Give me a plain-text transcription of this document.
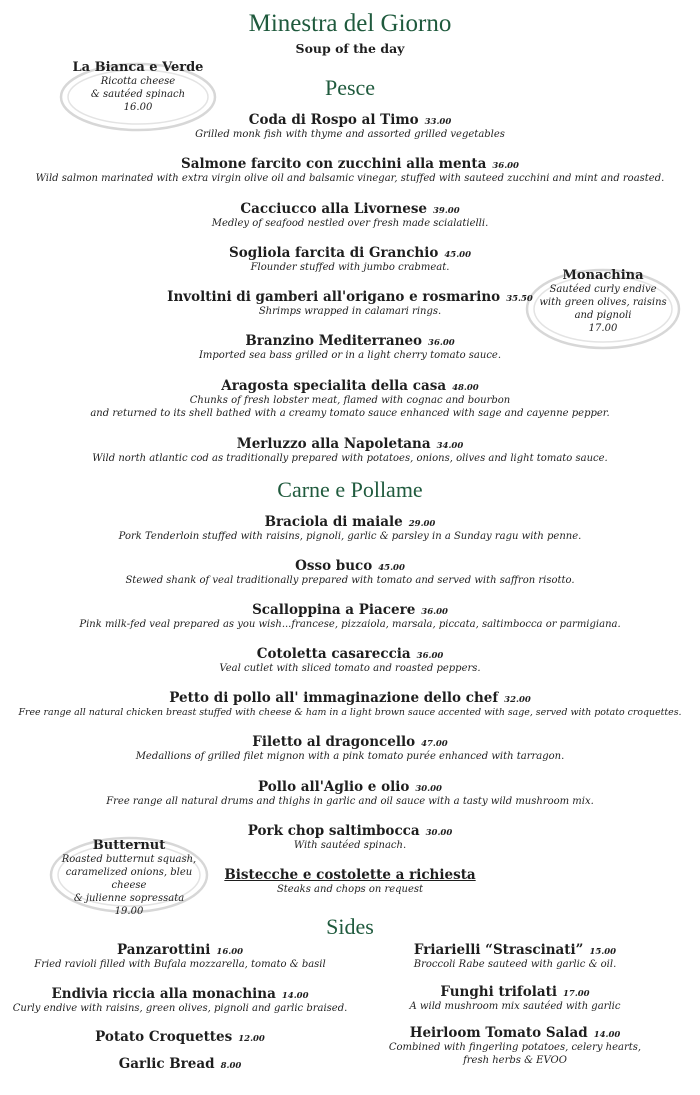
Minestra del Giorno
Soup of the day
La Bianca e Verde
Ricotta cheese
& sautéed spinach
16.00
Monachina
Sautéed curly endive
with green olives, raisins
and pignoli
17.00
Butternut
Roasted butternut squash,
caramelized onions, bleu cheese
& julienne sopressata
19.00
Pesce
Coda di Rospo al Timo 33.00
Grilled monk fish with thyme and assorted grilled vegetables
Salmone farcito con zucchini alla menta 36.00
Wild salmon marinated with extra virgin olive oil and balsamic vinegar, stuffed with sauteed zucchini and mint and roasted.
Cacciucco alla Livornese 39.00
Medley of seafood nestled over fresh made scialatielli.
Sogliola farcita di Granchio 45.00
Flounder stuffed with jumbo crabmeat.
Involtini di gamberi all'origano e rosmarino 35.50
Shrimps wrapped in calamari rings.
Branzino Mediterraneo 36.00
Imported sea bass grilled or in a light cherry tomato sauce.
Aragosta specialita della casa 48.00
Chunks of fresh lobster meat, flamed with cognac and bourbon
and returned to its shell bathed with a creamy tomato sauce enhanced with sage and cayenne pepper.
Merluzzo alla Napoletana 34.00
Wild north atlantic cod as traditionally prepared with potatoes, onions, olives and light tomato sauce.
Carne e Pollame
Braciola di maiale 29.00
Pork Tenderloin stuffed with raisins, pignoli, garlic & parsley in a Sunday ragu with penne.
Osso buco 45.00
Stewed shank of veal traditionally prepared with tomato and served with saffron risotto.
Scalloppina a Piacere 36.00
Pink milk-fed veal prepared as you wish...francese, pizzaiola, marsala, piccata, saltimbocca or parmigiana.
Cotoletta casareccia 36.00
Veal cutlet with sliced tomato and roasted peppers.
Petto di pollo all' immaginazione dello chef 32.00
Free range all natural chicken breast stuffed with cheese & ham in a light brown sauce accented with sage, served with potato croquettes.
Filetto al dragoncello 47.00
Medallions of grilled filet mignon with a pink tomato purée enhanced with tarragon.
Pollo all'Aglio e olio 30.00
Free range all natural drums and thighs in garlic and oil sauce with a tasty wild mushroom mix.
Pork chop saltimbocca 30.00
With sautéed spinach.
Bistecche e costolette a richiesta
Steaks and chops on request
Sides
Panzarottini 16.00
Fried ravioli filled with Bufala mozzarella, tomato & basil
Endivia riccia alla monachina 14.00
Curly endive with raisins, green olives, pignoli and garlic braised.
Potato Croquettes 12.00
Garlic Bread 8.00
Friarielli “Strascinati” 15.00
Broccoli Rabe sauteed with garlic & oil.
Funghi trifolati 17.00
A wild mushroom mix sautéed with garlic
Heirloom Tomato Salad 14.00
Combined with fingerling potatoes, celery hearts,
fresh herbs & EVOO
